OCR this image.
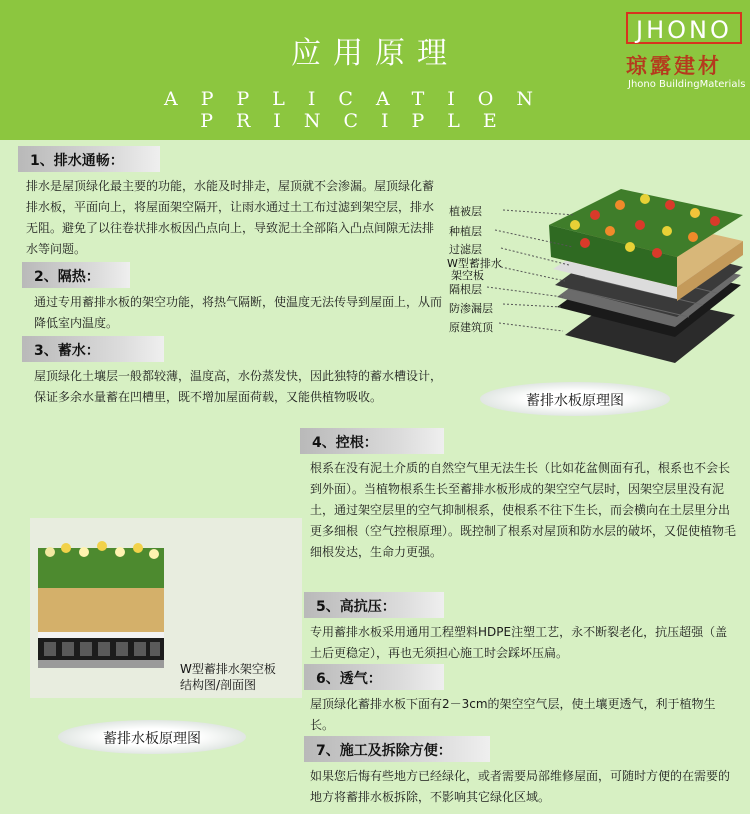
应用原理
APPLICATION PRINCIPLE
JHONO
琼露建材
Jhono BuildingMaterials
1、排水通畅：
排水是屋顶绿化最主要的功能，水能及时排走，屋顶就不会渗漏。屋顶绿化蓄排水板，平面向上，将屋面架空隔开，让雨水通过土工布过滤到架空层，排水无阻。避免了以往卷状排水板因凸点向上，导致泥土全部陷入凸点间隙无法排水等问题。
2、隔热：
通过专用蓄排水板的架空功能，将热气隔断，使温度无法传导到屋面上，从而降低室内温度。
3、蓄水：
屋顶绿化土壤层一般都较薄，温度高，水份蒸发快，因此独特的蓄水槽设计，保证多余水量蓄在凹槽里，既不增加屋面荷载，又能供植物吸收。
植被层
种植层
过滤层
W型蓄排水
架空板
隔根层
防渗漏层
原建筑顶
蓄排水板原理图
4、控根：
根系在没有泥土介质的自然空气里无法生长（比如花盆侧面有孔，根系也不会长到外面）。当植物根系生长至蓄排水板形成的架空空气层时，因架空层里没有泥土，通过架空层里的空气抑制根系，使根系不往下生长，而会横向在土层里分出更多细根（空气控根原理）。既控制了根系对屋顶和防水层的破坏，又促使植物毛细根发达，生命力更强。
W型蓄排水架空板
结构图/剖面图
蓄排水板原理图
5、高抗压：
专用蓄排水板采用通用工程塑料HDPE注塑工艺，永不断裂老化，抗压超强（盖土后更稳定），再也无须担心施工时会踩坏压扁。
6、透气：
屋顶绿化蓄排水板下面有2－3cm的架空空气层，使土壤更透气，利于植物生长。
7、施工及拆除方便：
如果您后悔有些地方已经绿化，或者需要局部维修屋面，可随时方便的在需要的地方将蓄排水板拆除，不影响其它绿化区域。
